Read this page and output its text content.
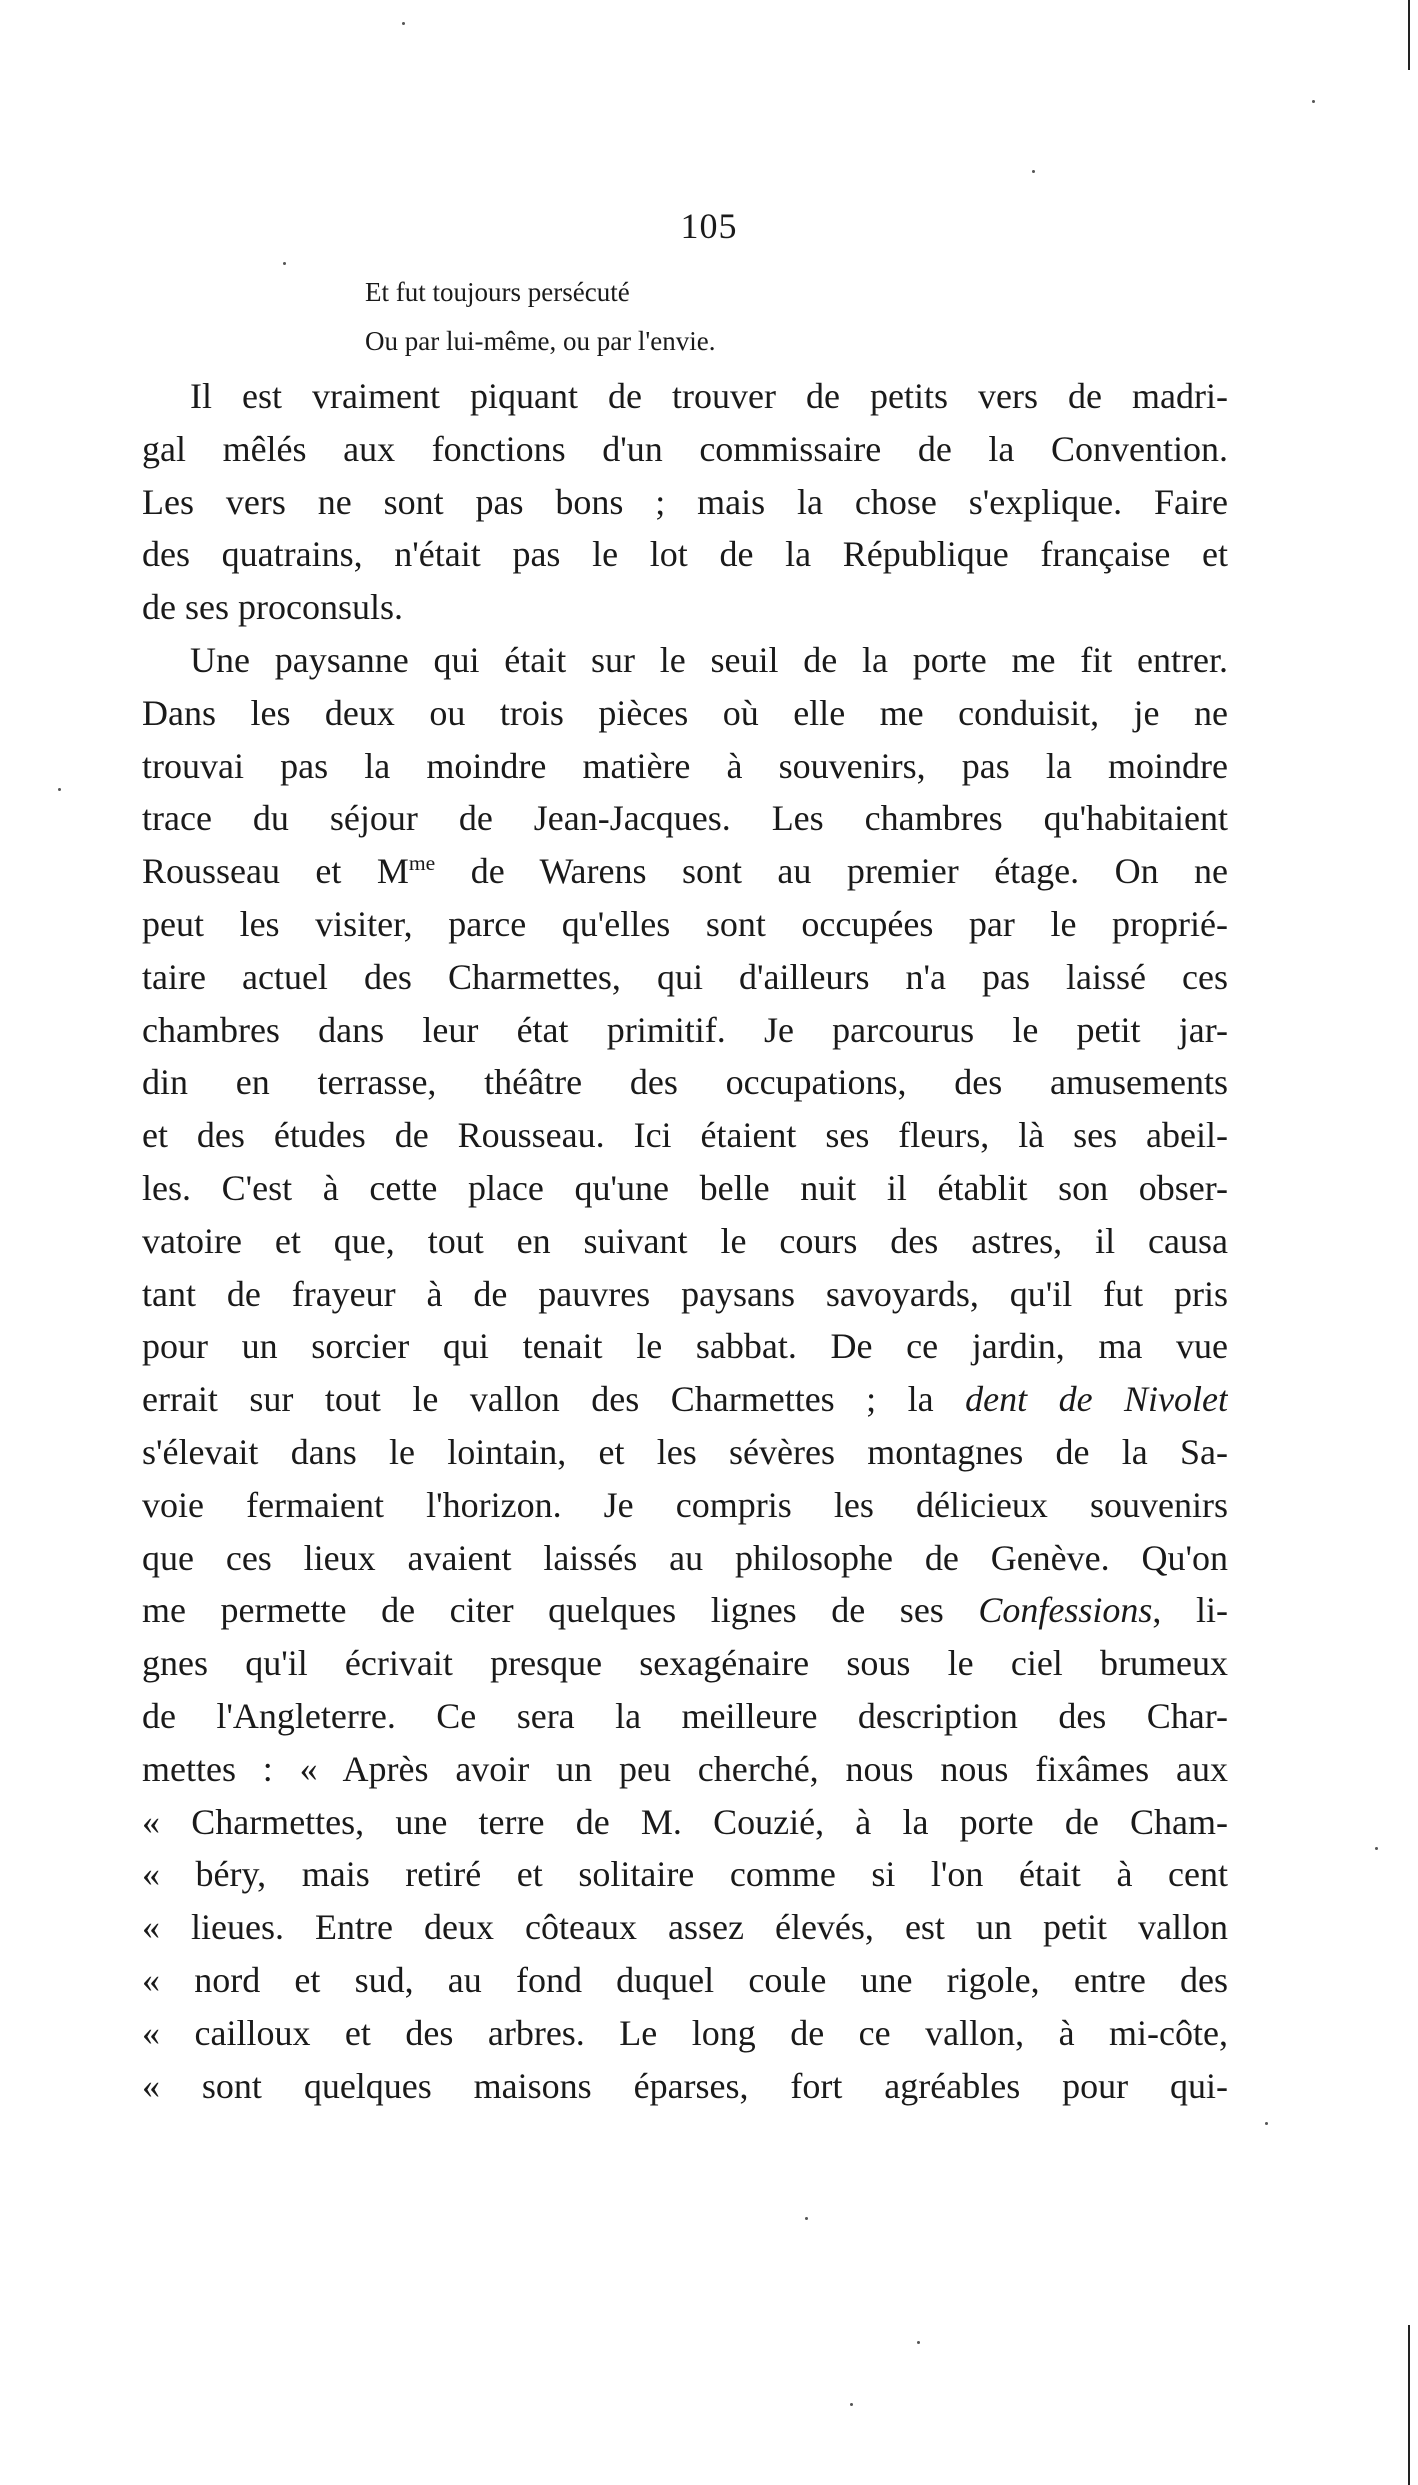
105
Et fut toujours persécuté
Ou par lui-même, ou par l'envie.
Il est vraiment piquant de trouver de petits vers de madri-
gal mêlés aux fonctions d'un commissaire de la Convention.
Les vers ne sont pas bons ; mais la chose s'explique. Faire
des quatrains, n'était pas le lot de la République française et
de ses proconsuls.
Une paysanne qui était sur le seuil de la porte me fit entrer.
Dans les deux ou trois pièces où elle me conduisit, je ne
trouvai pas la moindre matière à souvenirs, pas la moindre
trace du séjour de Jean-Jacques. Les chambres qu'habitaient
Rousseau et $M^{me}$ de Warens sont au premier étage. On ne
peut les visiter, parce qu'elles sont occupées par le proprié-
taire actuel des Charmettes, qui d'ailleurs n'a pas laissé ces
chambres dans leur état primitif. Je parcourus le petit jar-
din en terrasse, théâtre des occupations, des amusements
et des études de Rousseau. Ici étaient ses fleurs, là ses abeil-
les. C'est à cette place qu'une belle nuit il établit son obser-
vatoire et que, tout en suivant le cours des astres, il causa
tant de frayeur à de pauvres paysans savoyards, qu'il fut pris
pour un sorcier qui tenait le sabbat. De ce jardin, ma vue
errait sur tout le vallon des Charmettes ; la dent de Nivolet
s'élevait dans le lointain, et les sévères montagnes de la Sa-
voie fermaient l'horizon. Je compris les délicieux souvenirs
que ces lieux avaient laissés au philosophe de Genève. Qu'on
me permette de citer quelques lignes de ses Confessions, li-
gnes qu'il écrivait presque sexagénaire sous le ciel brumeux
de l'Angleterre. Ce sera la meilleure description des Char-
mettes : « Après avoir un peu cherché, nous nous fixâmes aux
« Charmettes, une terre de M. Couzié, à la porte de Cham-
« béry, mais retiré et solitaire comme si l'on était à cent
« lieues. Entre deux côteaux assez élevés, est un petit vallon
« nord et sud, au fond duquel coule une rigole, entre des
« cailloux et des arbres. Le long de ce vallon, à mi-côte,
« sont quelques maisons éparses, fort agréables pour qui-
